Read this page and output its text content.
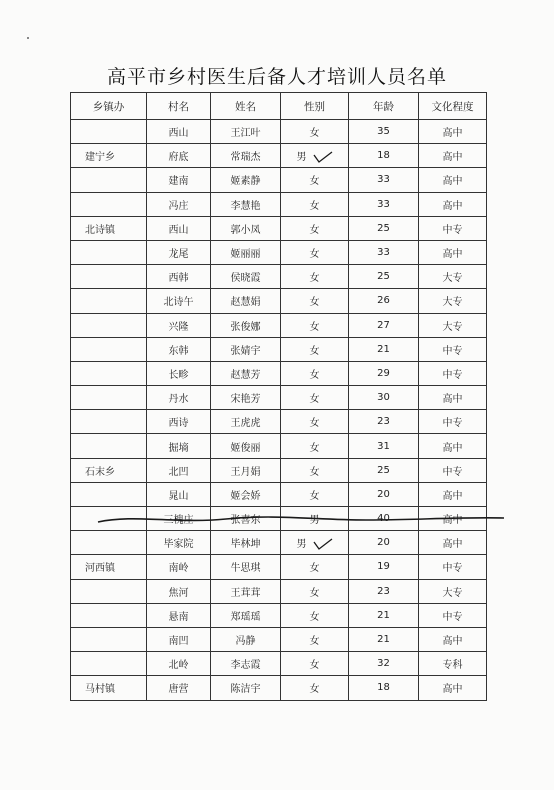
高平市乡村医生后备人才培训人员名单
乡镇办	村名	姓名	性别	年龄	文化程度
	西山	王江叶	女	35	高中
建宁乡	府底	常瑞杰	男	18	高中
	建南	姬素静	女	33	高中
	冯庄	李慧艳	女	33	高中
北诗镇	西山	郭小凤	女	25	中专
	龙尾	姬丽丽	女	33	高中
	西韩	侯晓霞	女	25	大专
	北诗午	赵慧娟	女	26	大专
	兴隆	张俊娜	女	27	大专
	东韩	张婧宇	女	21	中专
	长畛	赵慧芳	女	29	中专
	丹水	宋艳芳	女	30	高中
	西诗	王虎虎	女	23	中专
	掘墒	姬俊丽	女	31	高中
石末乡	北凹	王月娟	女	25	中专
	晁山	姬会娇	女	20	高中
	三槐庄	张喜东	男	40	高中
	毕家院	毕林坤	男	20	高中
河西镇	南岭	牛思琪	女	19	中专
	焦河	王茸茸	女	23	大专
	悬南	郑瑶瑶	女	21	中专
	南凹	冯静	女	21	高中
	北岭	李志霞	女	32	专科
马村镇	唐营	陈洁宇	女	18	高中
